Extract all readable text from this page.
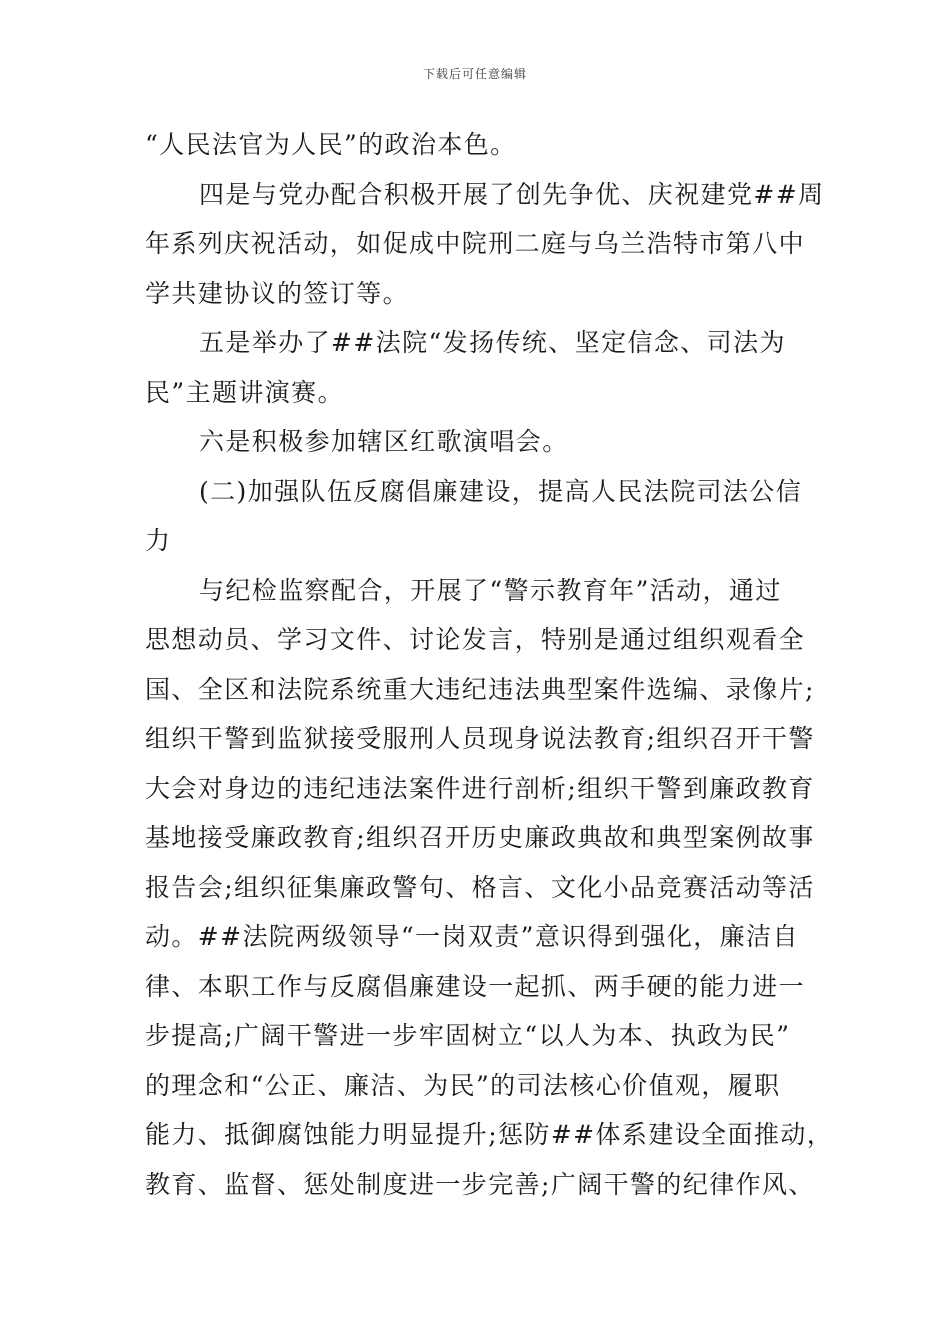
下载后可任意编辑
“人民法官为人民”的政治本色。
四是与党办配合积极开展了创先争优、庆祝建党##周
年系列庆祝活动，如促成中院刑二庭与乌兰浩特市第八中
学共建协议的签订等。
五是举办了##法院“发扬传统、坚定信念、司法为
民”主题讲演赛。
六是积极参加辖区红歌演唱会。
(二)加强队伍反腐倡廉建设，提高人民法院司法公信
力
与纪检监察配合，开展了“警示教育年”活动，通过
思想动员、学习文件、讨论发言，特别是通过组织观看全
国、全区和法院系统重大违纪违法典型案件选编、录像片;
组织干警到监狱接受服刑人员现身说法教育;组织召开干警
大会对身边的违纪违法案件进行剖析;组织干警到廉政教育
基地接受廉政教育;组织召开历史廉政典故和典型案例故事
报告会;组织征集廉政警句、格言、文化小品竞赛活动等活
动。##法院两级领导“一岗双责”意识得到强化，廉洁自
律、本职工作与反腐倡廉建设一起抓、两手硬的能力进一
步提高;广阔干警进一步牢固树立“以人为本、执政为民”
的理念和“公正、廉洁、为民”的司法核心价值观，履职
能力、抵御腐蚀能力明显提升;惩防##体系建设全面推动，
教育、监督、惩处制度进一步完善;广阔干警的纪律作风、
